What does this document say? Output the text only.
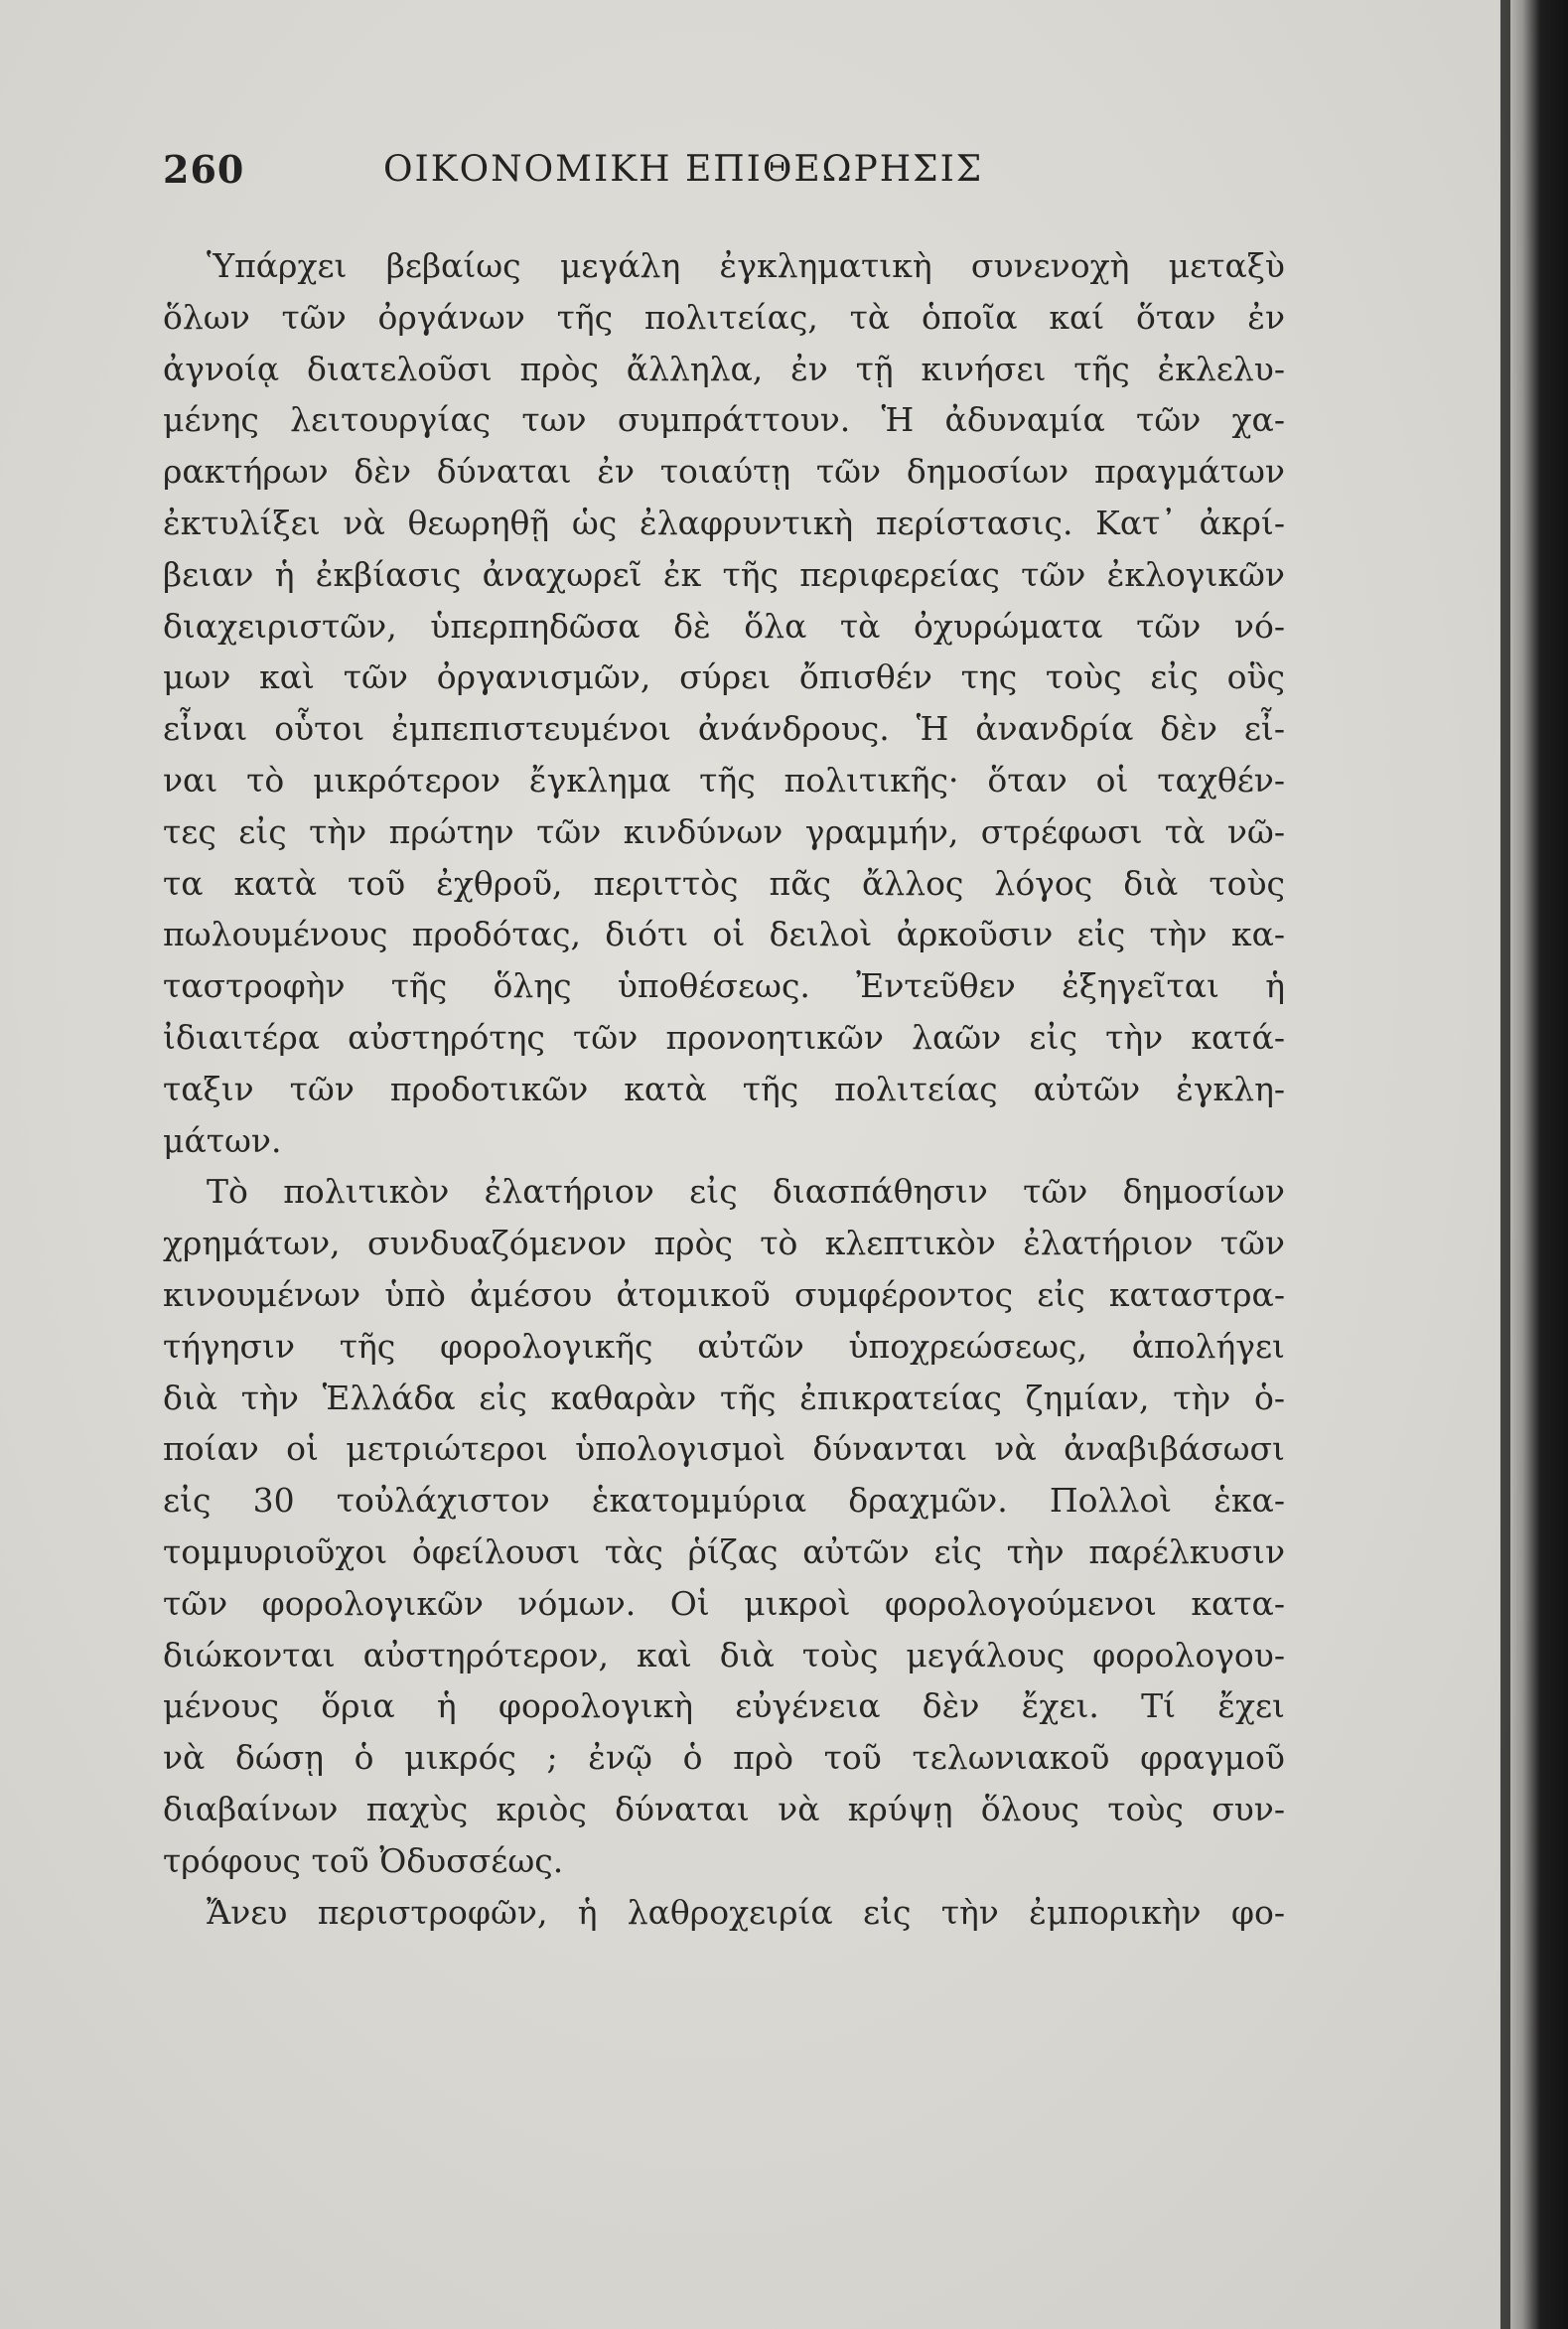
260	ΟΙΚΟΝΟΜΙΚΗ ΕΠΙΘΕΩΡΗΣΙΣ
Ὑπάρχει βεβαίως μεγάλη ἐγκληματικὴ συνενοχὴ μεταξὺ
ὅλων τῶν ὀργάνων τῆς πολιτείας, τὰ ὁποῖα καί ὅταν ἐν
ἀγνοίᾳ διατελοῦσι πρὸς ἄλληλα, ἐν τῇ κινήσει τῆς ἐκλελυ-
μένης λειτουργίας των συμπράττουν. Ἡ ἀδυναμία τῶν χα-
ρακτήρων δὲν δύναται ἐν τοιαύτῃ τῶν δημοσίων πραγμάτων
ἐκτυλίξει νὰ θεωρηθῇ ὡς ἐλαφρυντικὴ περίστασις. Κατ᾽ ἀκρί-
βειαν ἡ ἐκβίασις ἀναχωρεῖ ἐκ τῆς περιφερείας τῶν ἐκλογικῶν
διαχειριστῶν, ὑπερπηδῶσα δὲ ὅλα τὰ ὀχυρώματα τῶν νό-
μων καὶ τῶν ὀργανισμῶν, σύρει ὄπισθέν της τοὺς εἰς οὓς
εἶναι οὗτοι ἐμπεπιστευμένοι ἀνάνδρους. Ἡ ἀνανδρία δὲν εἶ-
ναι τὸ μικρότερον ἔγκλημα τῆς πολιτικῆς· ὅταν οἱ ταχθέν-
τες εἰς τὴν πρώτην τῶν κινδύνων γραμμήν, στρέφωσι τὰ νῶ-
τα κατὰ τοῦ ἐχθροῦ, περιττὸς πᾶς ἄλλος λόγος διὰ τοὺς
πωλουμένους προδότας, διότι οἱ δειλοὶ ἀρκοῦσιν εἰς τὴν κα-
ταστροφὴν τῆς ὅλης ὑποθέσεως. Ἐντεῦθεν ἐξηγεῖται ἡ
ἰδιαιτέρα αὐστηρότης τῶν προνοητικῶν λαῶν εἰς τὴν κατά-
ταξιν τῶν προδοτικῶν κατὰ τῆς πολιτείας αὐτῶν ἐγκλη-
μάτων.
Τὸ πολιτικὸν ἐλατήριον εἰς διασπάθησιν τῶν δημοσίων
χρημάτων, συνδυαζόμενον πρὸς τὸ κλεπτικὸν ἐλατήριον τῶν
κινουμένων ὑπὸ ἀμέσου ἀτομικοῦ συμφέροντος εἰς καταστρα-
τήγησιν τῆς φορολογικῆς αὐτῶν ὑποχρεώσεως, ἀπολήγει
διὰ τὴν Ἑλλάδα εἰς καθαρὰν τῆς ἐπικρατείας ζημίαν, τὴν ὁ-
ποίαν οἱ μετριώτεροι ὑπολογισμοὶ δύνανται νὰ ἀναβιβάσωσι
εἰς 30 τοὐλάχιστον ἑκατομμύρια δραχμῶν. Πολλοὶ ἑκα-
τομμυριοῦχοι ὀφείλουσι τὰς ῥίζας αὐτῶν εἰς τὴν παρέλκυσιν
τῶν φορολογικῶν νόμων. Οἱ μικροὶ φορολογούμενοι κατα-
διώκονται αὐστηρότερον, καὶ διὰ τοὺς μεγάλους φορολογου-
μένους ὅρια ἡ φορολογικὴ εὐγένεια δὲν ἔχει. Τί ἔχει
νὰ δώσῃ ὁ μικρός ; ἐνῷ ὁ πρὸ τοῦ τελωνιακοῦ φραγμοῦ
διαβαίνων παχὺς κριὸς δύναται νὰ κρύψῃ ὅλους τοὺς συν-
τρόφους τοῦ Ὀδυσσέως.
Ἄνευ περιστροφῶν, ἡ λαθροχειρία εἰς τὴν ἐμπορικὴν φο-
